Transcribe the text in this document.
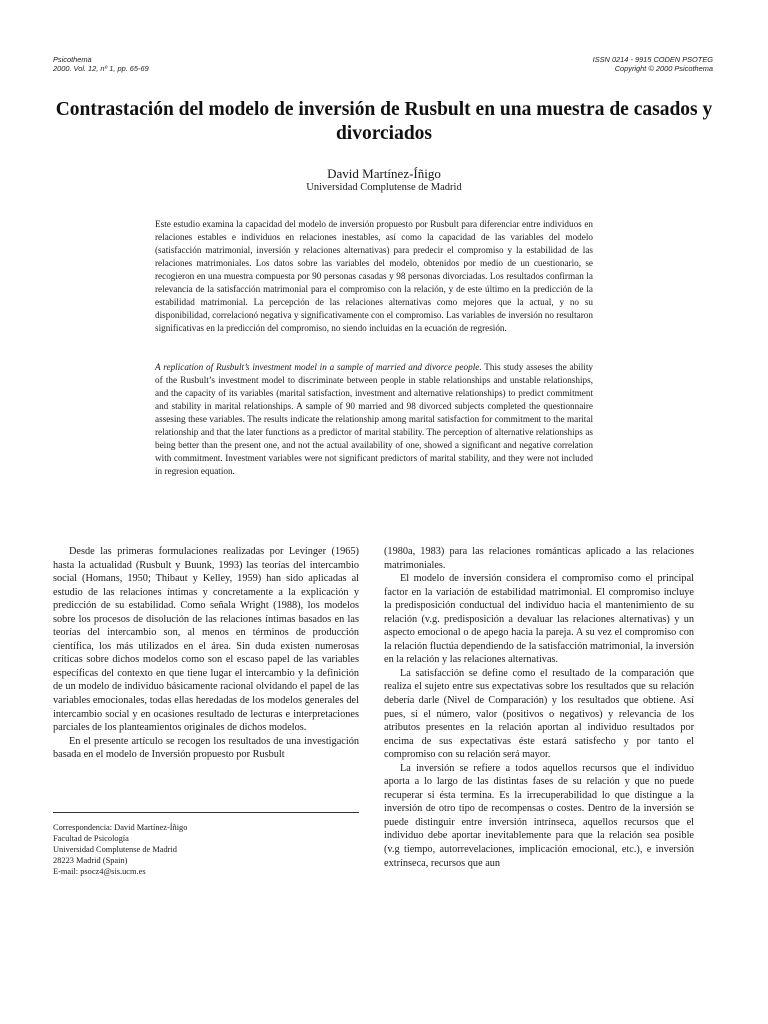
Psicothema
2000. Vol. 12, nº 1, pp. 65-69
ISSN 0214 - 9915 CODEN PSOTEG
Copyright © 2000 Psicothema
Contrastación del modelo de inversión de Rusbult en una muestra de casados y divorciados
David Martínez-Íñigo
Universidad Complutense de Madrid
Este estudio examina la capacidad del modelo de inversión propuesto por Rusbult para diferenciar entre individuos en relaciones estables e individuos en relaciones inestables, así como la capacidad de las variables del modelo (satisfacción matrimonial, inversión y relaciones alternativas) para predecir el compromiso y la estabilidad de las relaciones matrimoniales. Los datos sobre las variables del modelo, obtenidos por medio de un cuestionario, se recogieron en una muestra compuesta por 90 personas casadas y 98 personas divorciadas. Los resultados confirman la relevancia de la satisfacción matrimonial para el compromiso con la relación, y de este último en la predicción de la estabilidad matrimonial. La percepción de las relaciones alternativas como mejores que la actual, y no su disponibilidad, correlacionó negativa y significativamente con el compromiso. Las variables de inversión no resultaron significativas en la predicción del compromiso, no siendo incluidas en la ecuación de regresión.
A replication of Rusbult’s investment model in a sample of married and divorce people. This study asseses the ability of the Rusbult’s investment model to discriminate between people in stable relationships and unstable relationships, and the capacity of its variables (marital satisfaction, investment and alternative relationships) to predict commitment and stability in marital relationships. A sample of 90 married and 98 divorced subjects completed the questionnaire assesing these variables. The results indicate the relationship among marital satisfaction for commitment to the marital relationship and that the later functions as a predictor of marital stability. The perception of alternative relationships as being better than the present one, and not the actual availability of one, showed a significant and negative correlation with commitment. Investment variables were not significant predictors of marital stability, and they were not included in regresion equation.

Desde las primeras formulaciones realizadas por Levinger (1965) hasta la actualidad (Rusbult y Buunk, 1993) las teorías del intercambio social (Homans, 1950; Thibaut y Kelley, 1959) han sido aplicadas al estudio de las relaciones íntimas y concretamente a la explicación y predicción de su estabilidad. Como señala Wright (1988), los modelos sobre los procesos de disolución de las relaciones íntimas basados en las teorías del intercambio son, al menos en términos de producción científica, los más utilizados en el área. Sin duda existen numerosas críticas sobre dichos modelos como son el escaso papel de las variables específicas del contexto en que tiene lugar el intercambio y la definición de un modelo de individuo básicamente racional olvidando el papel de las variables emocionales, todas ellas heredadas de los modelos generales del intercambio social y en ocasiones resultado de lecturas e interpretaciones parciales de los planteamientos originales de dichos modelos.

En el presente artículo se recogen los resultados de una investigación basada en el modelo de Inversión propuesto por Rusbult

(1980a, 1983) para las relaciones románticas aplicado a las relaciones matrimoniales.

El modelo de inversión considera el compromiso como el principal factor en la variación de estabilidad matrimonial. El compromiso incluye la predisposición conductual del individuo hacia el mantenimiento de su relación (v.g. predisposición a devaluar las relaciones alternativas) y un aspecto emocional o de apego hacia la pareja. A su vez el compromiso con la relación fluctúa dependiendo de la satisfacción matrimonial, la inversión en la relación y las relaciones alternativas.

La satisfacción se define como el resultado de la comparación que realiza el sujeto entre sus expectativas sobre los resultados que su relación debería darle (Nivel de Comparación) y los resultados que obtiene. Así pues, si el número, valor (positivos o negativos) y relevancia de los atributos presentes en la relación aportan al individuo resultados por encima de sus expectativas éste estará satisfecho y por tanto el compromiso con su relación será mayor.

La inversión se refiere a todos aquellos recursos que el individuo aporta a lo largo de las distintas fases de su relación y que no puede recuperar si ésta termina. Es la irrecuperabilidad lo que distingue a la inversión de otro tipo de recompensas o costes. Dentro de la inversión se puede distinguir entre inversión intrínseca, aquellos recursos que el individuo debe aportar inevitablemente para que la relación sea posible (v.g tiempo, autorrevelaciones, implicación emocional, etc.), e inversión extrínseca, recursos que aun

Correspondencia: David Martínez-Íñigo
Facultad de Psicología
Universidad Complutense de Madrid
28223 Madrid (Spain)
E-mail: psocz4@sis.ucm.es
